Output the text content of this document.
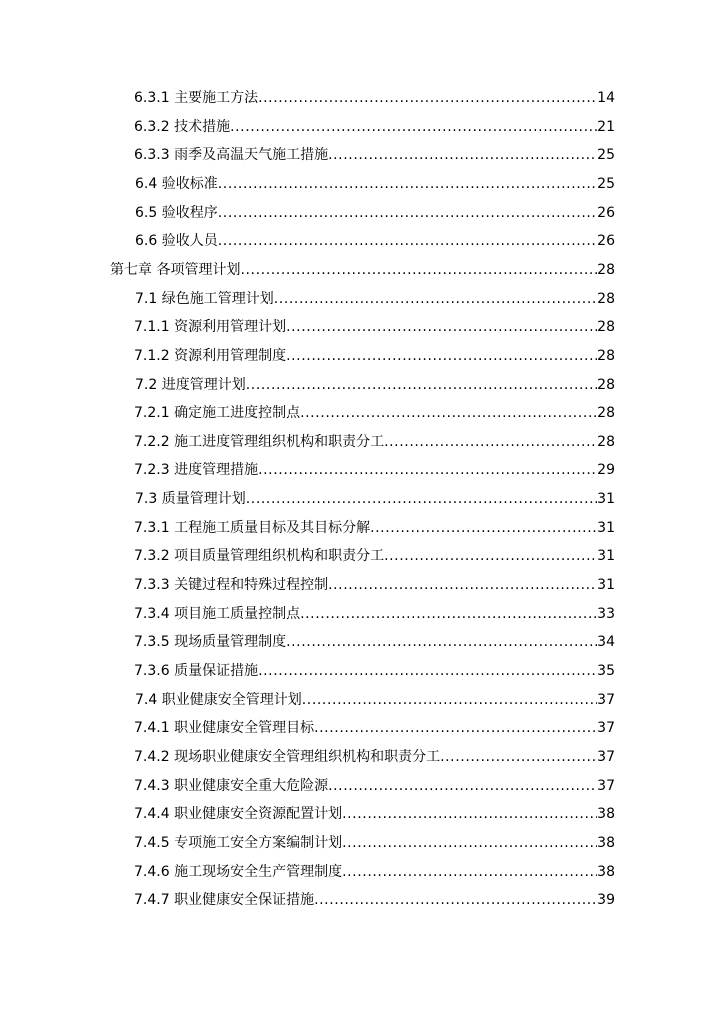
6.3.1 主要施工方法 .....	14
6.3.2 技术措施 .....	21
6.3.3 雨季及高温天气施工措施 .....	25
6.4 验收标准 .....	25
6.5 验收程序 .....	26
6.6 验收人员 .....	26
第七章 各项管理计划 .....	28
7.1 绿色施工管理计划 .....	28
7.1.1 资源利用管理计划 .....	28
7.1.2 资源利用管理制度 .....	28
7.2 进度管理计划 .....	28
7.2.1 确定施工进度控制点 .....	28
7.2.2 施工进度管理组织机构和职责分工 .....	28
7.2.3 进度管理措施 .....	29
7.3 质量管理计划 .....	31
7.3.1 工程施工质量目标及其目标分解 .....	31
7.3.2 项目质量管理组织机构和职责分工 .....	31
7.3.3 关键过程和特殊过程控制 .....	31
7.3.4 项目施工质量控制点 .....	33
7.3.5 现场质量管理制度 .....	34
7.3.6 质量保证措施 .....	35
7.4 职业健康安全管理计划 .....	37
7.4.1 职业健康安全管理目标 .....	37
7.4.2 现场职业健康安全管理组织机构和职责分工 .....	37
7.4.3 职业健康安全重大危险源 .....	37
7.4.4 职业健康安全资源配置计划 .....	38
7.4.5 专项施工安全方案编制计划 .....	38
7.4.6 施工现场安全生产管理制度 .....	38
7.4.7 职业健康安全保证措施 .....	39
